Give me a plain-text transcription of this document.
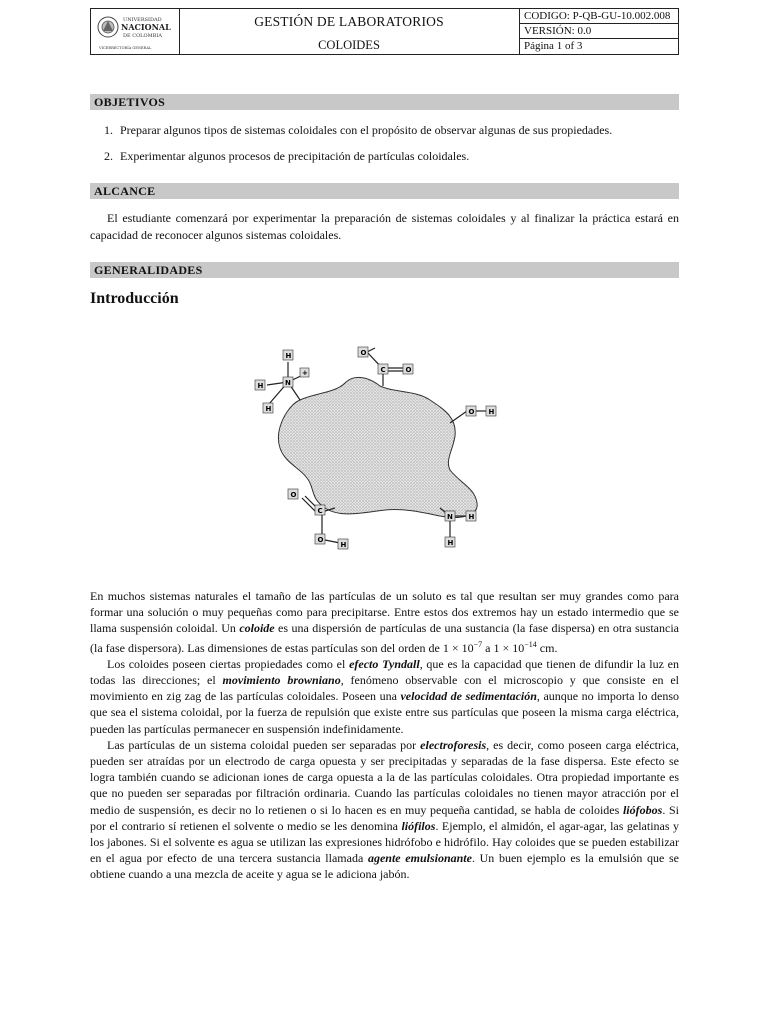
UNIVERSIDAD
NACIONAL
DE COLOMBIA
VICERRECTORÍA GENERAL
GESTIÓN DE LABORATORIOS
COLOIDES
CODIGO: P-QB-GU-10.002.008
VERSIÓN: 0.0
Página 1 of 3
OBJETIVOS
1. Preparar algunos tipos de sistemas coloidales con el propósito de observar algunas de sus propiedades.
2. Experimentar algunos procesos de precipitación de partículas coloidales.
ALCANCE
El estudiante comenzará por experimentar la preparación de sistemas coloidales y al finalizar la práctica estará en capacidad de reconocer algunos sistemas coloidales.
GENERALIDADES
Introducción
N
H
H
H
+	C
O
O
O H
C
O
O
H
N H
H

En muchos sistemas naturales el tamaño de las partículas de un soluto es tal que resultan ser muy grandes como para formar una solución o muy pequeñas como para precipitarse. Entre estos dos extremos hay un estado intermedio que se llama suspensión coloidal. Un coloide es una dispersión de partículas de una sustancia (la fase dispersa) en otra sustancia (la fase dispersora). Las dimensiones de estas partículas son del orden de $1 \times 10^{-7}$ a $1 \times 10^{-14}$ cm.

Los coloides poseen ciertas propiedades como el efecto Tyndall, que es la capacidad que tienen de difundir la luz en todas las direcciones; el movimiento browniano, fenómeno observable con el microscopio y que consiste en el movimiento en zig zag de las partículas coloidales. Poseen una velocidad de sedimentación, aunque no importa lo denso que sea el sistema coloidal, por la fuerza de repulsión que existe entre sus partículas que poseen la misma carga eléctrica, pueden las partículas permanecer en suspensión indefinidamente.

Las partículas de un sistema coloidal pueden ser separadas por electroforesis, es decir, como poseen carga eléctrica, pueden ser atraídas por un electrodo de carga opuesta y ser precipitadas y separadas de la fase dispersa. Este efecto se logra también cuando se adicionan iones de carga opuesta a la de las partículas coloidales. Otra propiedad importante es que no pueden ser separadas por filtración ordinaria. Cuando las partículas coloidales no tienen mayor atracción por el medio de suspensión, es decir no lo retienen o si lo hacen es en muy pequeña cantidad, se habla de coloides liófobos. Si por el contrario sí retienen el solvente o medio se les denomina liófilos. Ejemplo, el almidón, el agar-agar, las gelatinas y los jabones. Si el solvente es agua se utilizan las expresiones hidrófobo e hidrófilo. Hay coloides que se pueden estabilizar en el agua por efecto de una tercera sustancia llamada agente emulsionante. Un buen ejemplo es la emulsión que se obtiene cuando a una mezcla de aceite y agua se le adiciona jabón.
